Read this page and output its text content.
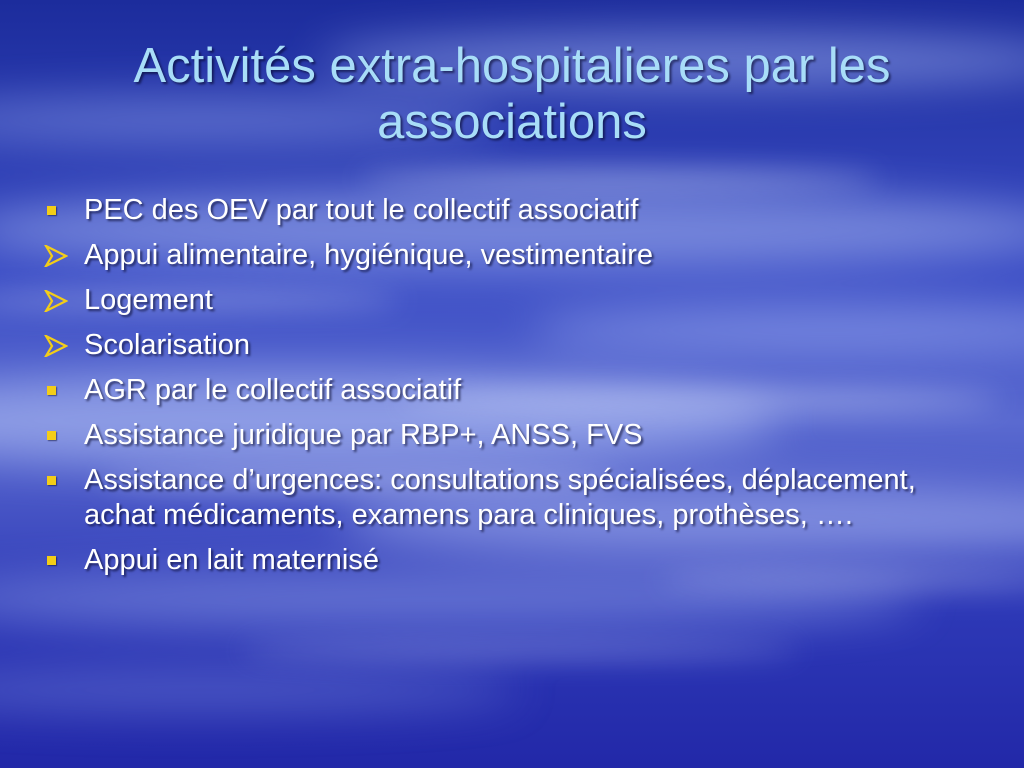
Activités extra-hospitalieres par les associations
PEC des OEV par tout le collectif associatif
Appui alimentaire, hygiénique, vestimentaire
Logement
Scolarisation
AGR par le collectif associatif
Assistance juridique par RBP+, ANSS, FVS
Assistance d’urgences: consultations spécialisées, déplacement, achat médicaments, examens para cliniques, prothèses, ….
Appui en lait maternisé
